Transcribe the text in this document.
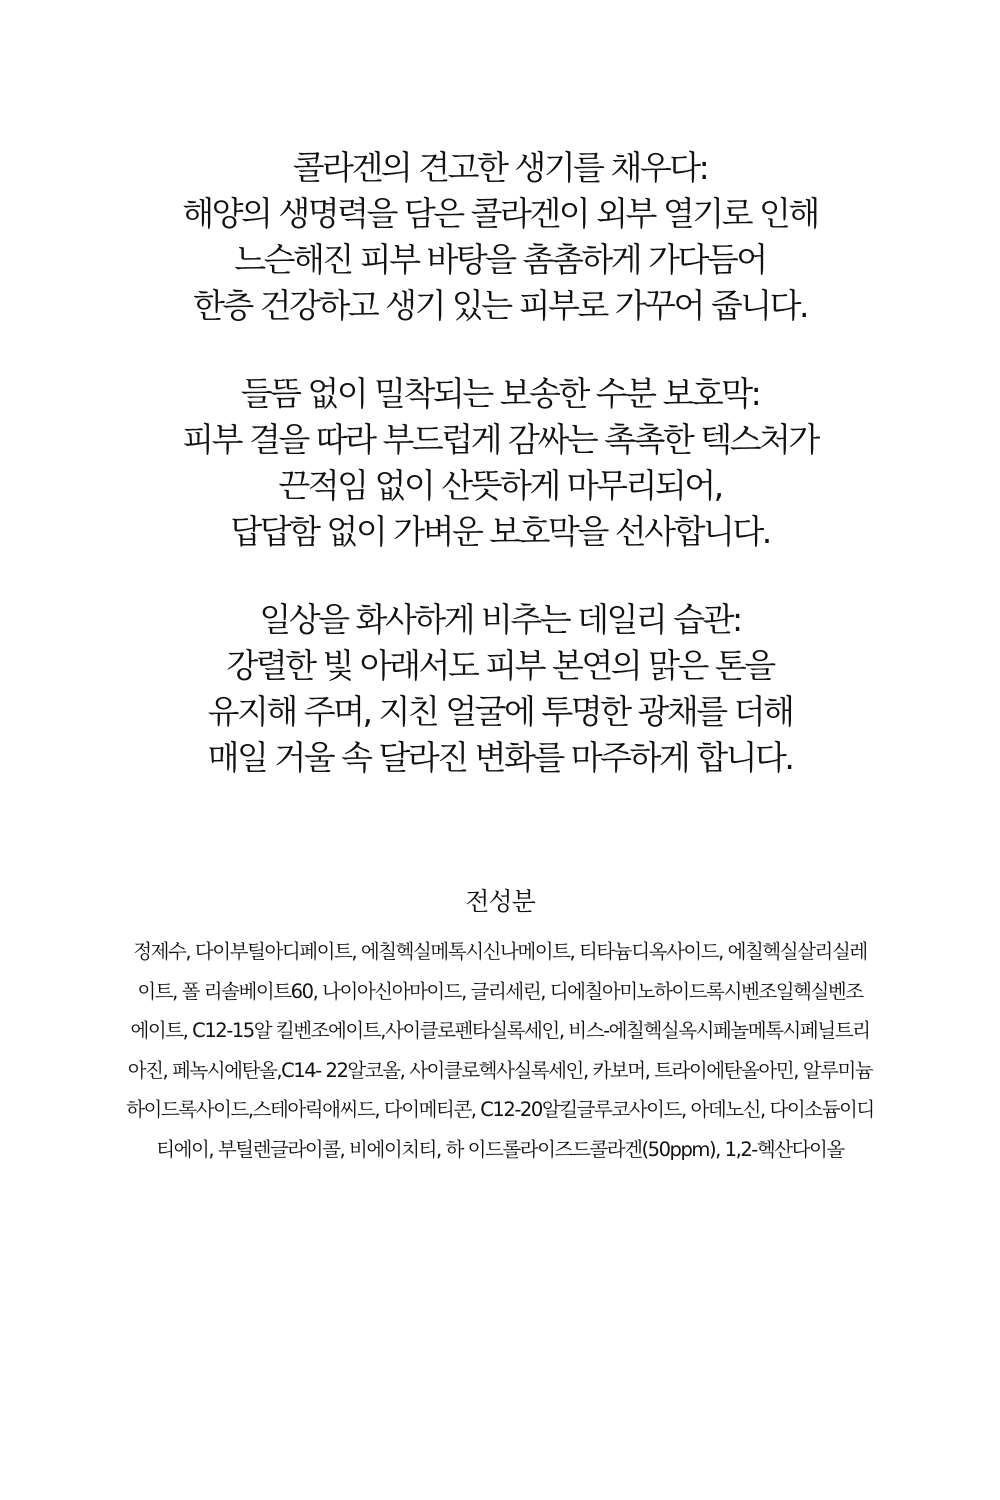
콜라겐의 견고한 생기를 채우다:
해양의 생명력을 담은 콜라겐이 외부 열기로 인해
느슨해진 피부 바탕을 촘촘하게 가다듬어
한층 건강하고 생기 있는 피부로 가꾸어 줍니다.
들뜸 없이 밀착되는 보송한 수분 보호막:
피부 결을 따라 부드럽게 감싸는 촉촉한 텍스처가
끈적임 없이 산뜻하게 마무리되어,
답답함 없이 가벼운 보호막을 선사합니다.
일상을 화사하게 비추는 데일리 습관:
강렬한 빛 아래서도 피부 본연의 맑은 톤을
유지해 주며, 지친 얼굴에 투명한 광채를 더해
매일 거울 속 달라진 변화를 마주하게 합니다.
전성분
정제수, 다이부틸아디페이트, 에칠헥실메톡시신나메이트, 티타늄디옥사이드, 에칠헥실살리실레
이트, 폴 리솔베이트60, 나이아신아마이드, 글리세린, 디에칠아미노하이드록시벤조일헥실벤조
에이트, C12-15알 킬벤조에이트,사이클로펜타실록세인, 비스-에칠헥실옥시페놀메톡시페닐트리
아진, 페녹시에탄올,C14- 22알코올, 사이클로헥사실록세인, 카보머, 트라이에탄올아민, 알루미늄
하이드록사이드,스테아릭애씨드, 다이메티콘, C12-20알킬글루코사이드, 아데노신, 다이소듐이디
티에이, 부틸렌글라이콜, 비에이치티, 하 이드롤라이즈드콜라겐(50ppm), 1,2-헥산다이올
